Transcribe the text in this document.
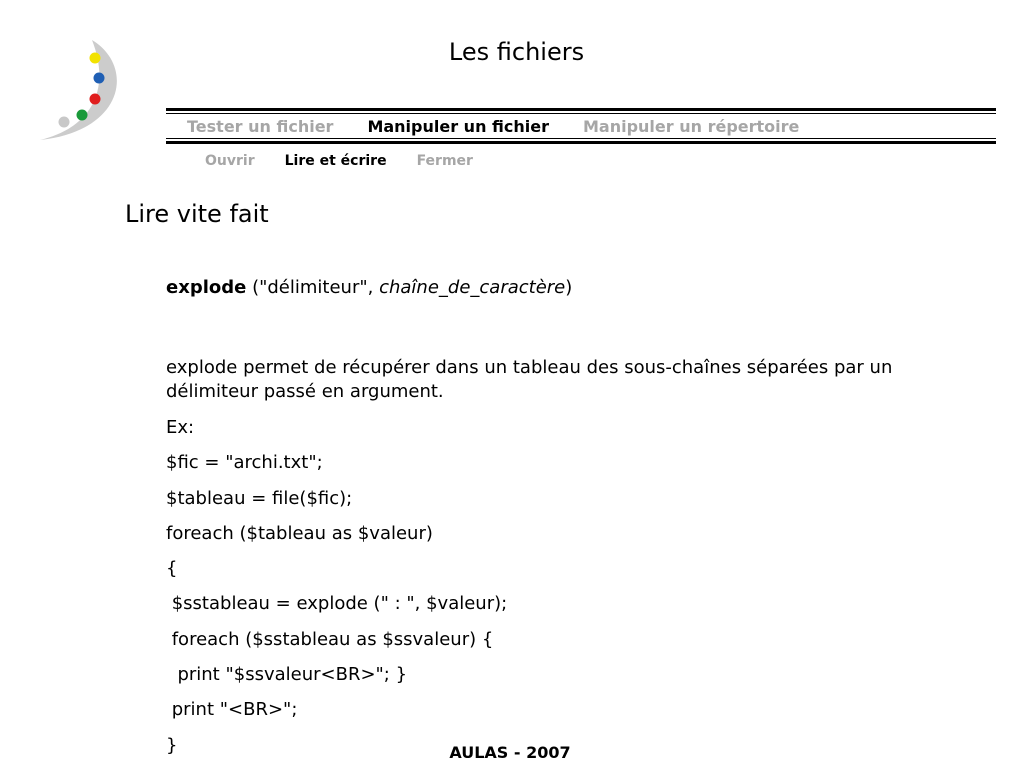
Les fichiers
Tester un fichier Manipuler un fichier Manipuler un répertoire
Ouvrir Lire et écrire Fermer
Lire vite fait

explode ("délimiteur", chaîne_de_caractère)

explode permet de récupérer dans un tableau des sous-chaînes séparées par un délimiteur passé en argument.

Ex:
$fic = "archi.txt";
$tableau = file($fic);
foreach ($tableau as $valeur)
{
$sstableau = explode (" : ", $valeur);
foreach ($sstableau as $ssvaleur) {
print "$ssvaleur<BR>"; }
print "<BR>";
}	AULAS - 2007
